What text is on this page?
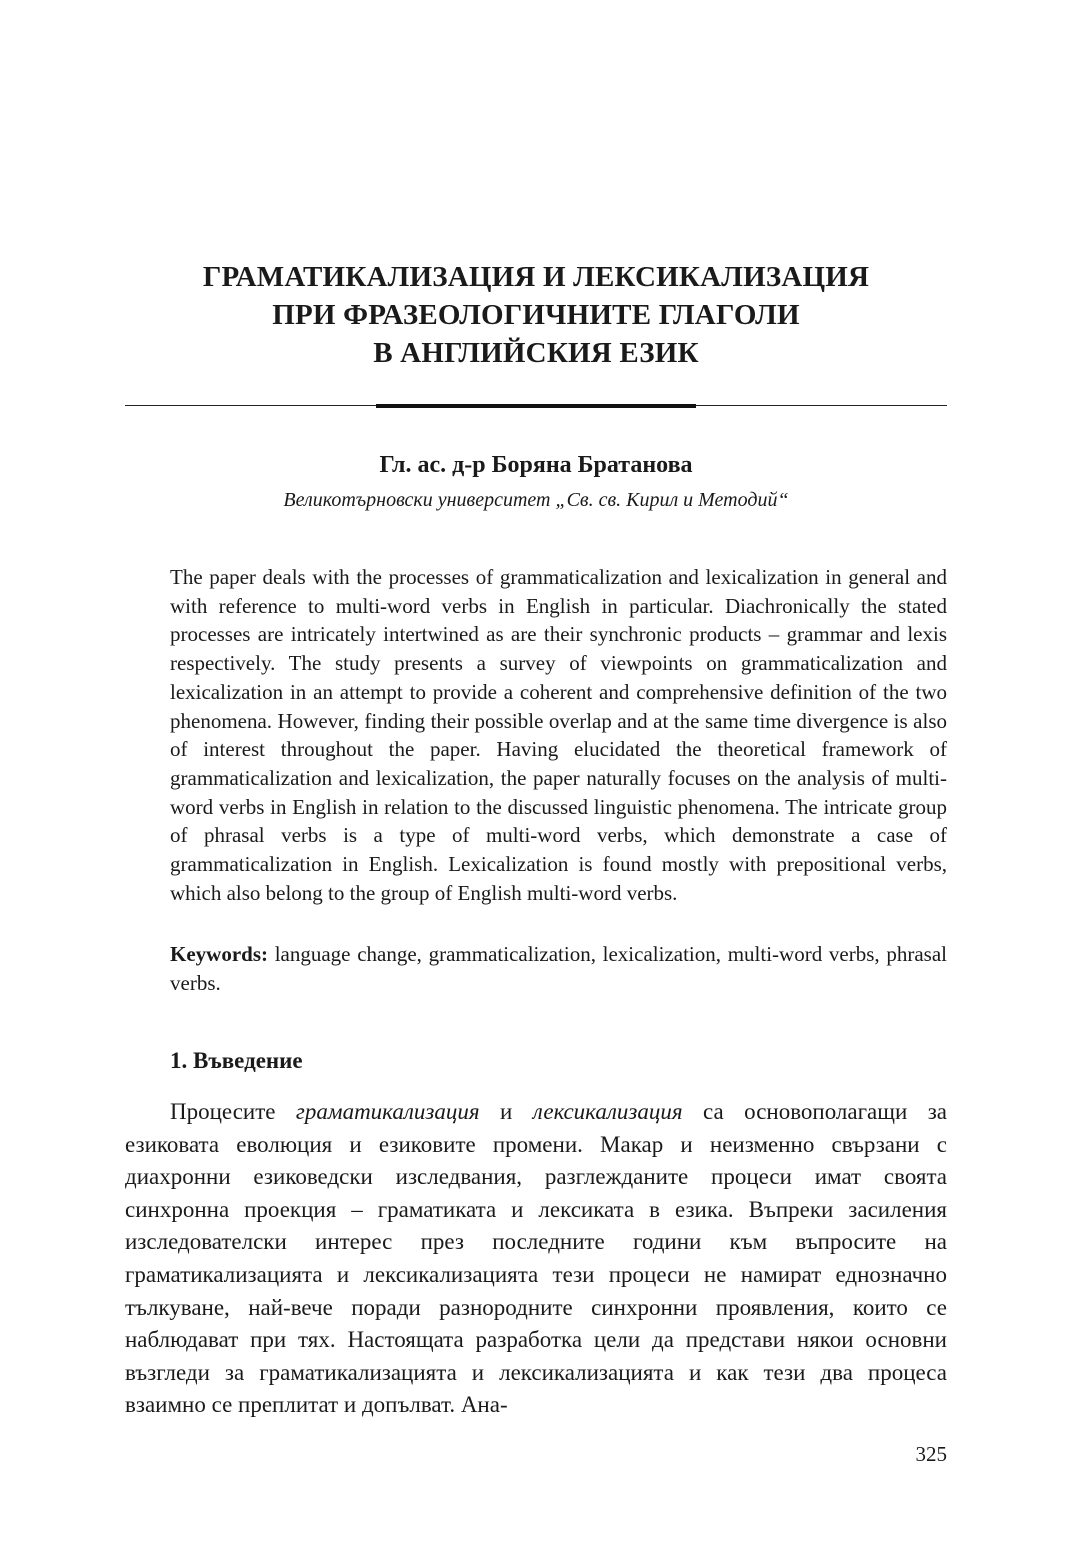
ГРАМАТИКАЛИЗАЦИЯ И ЛЕКСИКАЛИЗАЦИЯ
ПРИ ФРАЗЕОЛОГИЧНИТЕ ГЛАГОЛИ
В АНГЛИЙСКИЯ ЕЗИК
Гл. ас. д-р Боряна Братанова
Великотърновски университет „Св. св. Кирил и Методий“

The paper deals with the processes of grammaticalization and lexicalization in general and with reference to multi-word verbs in English in particular. Diachronically the stated processes are intricately intertwined as are their synchronic products – grammar and lexis respectively. The study presents a survey of viewpoints on grammaticalization and lexicalization in an attempt to provide a coherent and comprehensive definition of the two phenomena. However, finding their possible overlap and at the same time divergence is also of interest throughout the paper. Having elucidated the theoretical framework of grammaticalization and lexicalization, the paper naturally focuses on the analysis of multi-word verbs in English in relation to the discussed linguistic phenomena. The intricate group of phrasal verbs is a type of multi-word verbs, which demonstrate a case of grammaticalization in English. Lexicalization is found mostly with prepositional verbs, which also belong to the group of English multi-word verbs.

Keywords: language change, grammaticalization, lexicalization, multi-word verbs, phrasal verbs.
1. Въведение

Процесите граматикализация и лексикализация са основополагащи за езиковата еволюция и езиковите промени. Макар и неизменно свързани с диахронни езиковедски изследвания, разглежданите процеси имат своята синхронна проекция – граматиката и лексиката в езика. Въпреки засиления изследователски интерес през последните години към въпросите на граматикализацията и лексикализацията тези процеси не намират еднозначно тълкуване, най-вече поради разнородните синхронни проявления, които се наблюдават при тях. Настоящата разработка цели да представи някои основни възгледи за граматикализацията и лексикализацията и как тези два процеса взаимно се преплитат и допълват. Ана-

325
